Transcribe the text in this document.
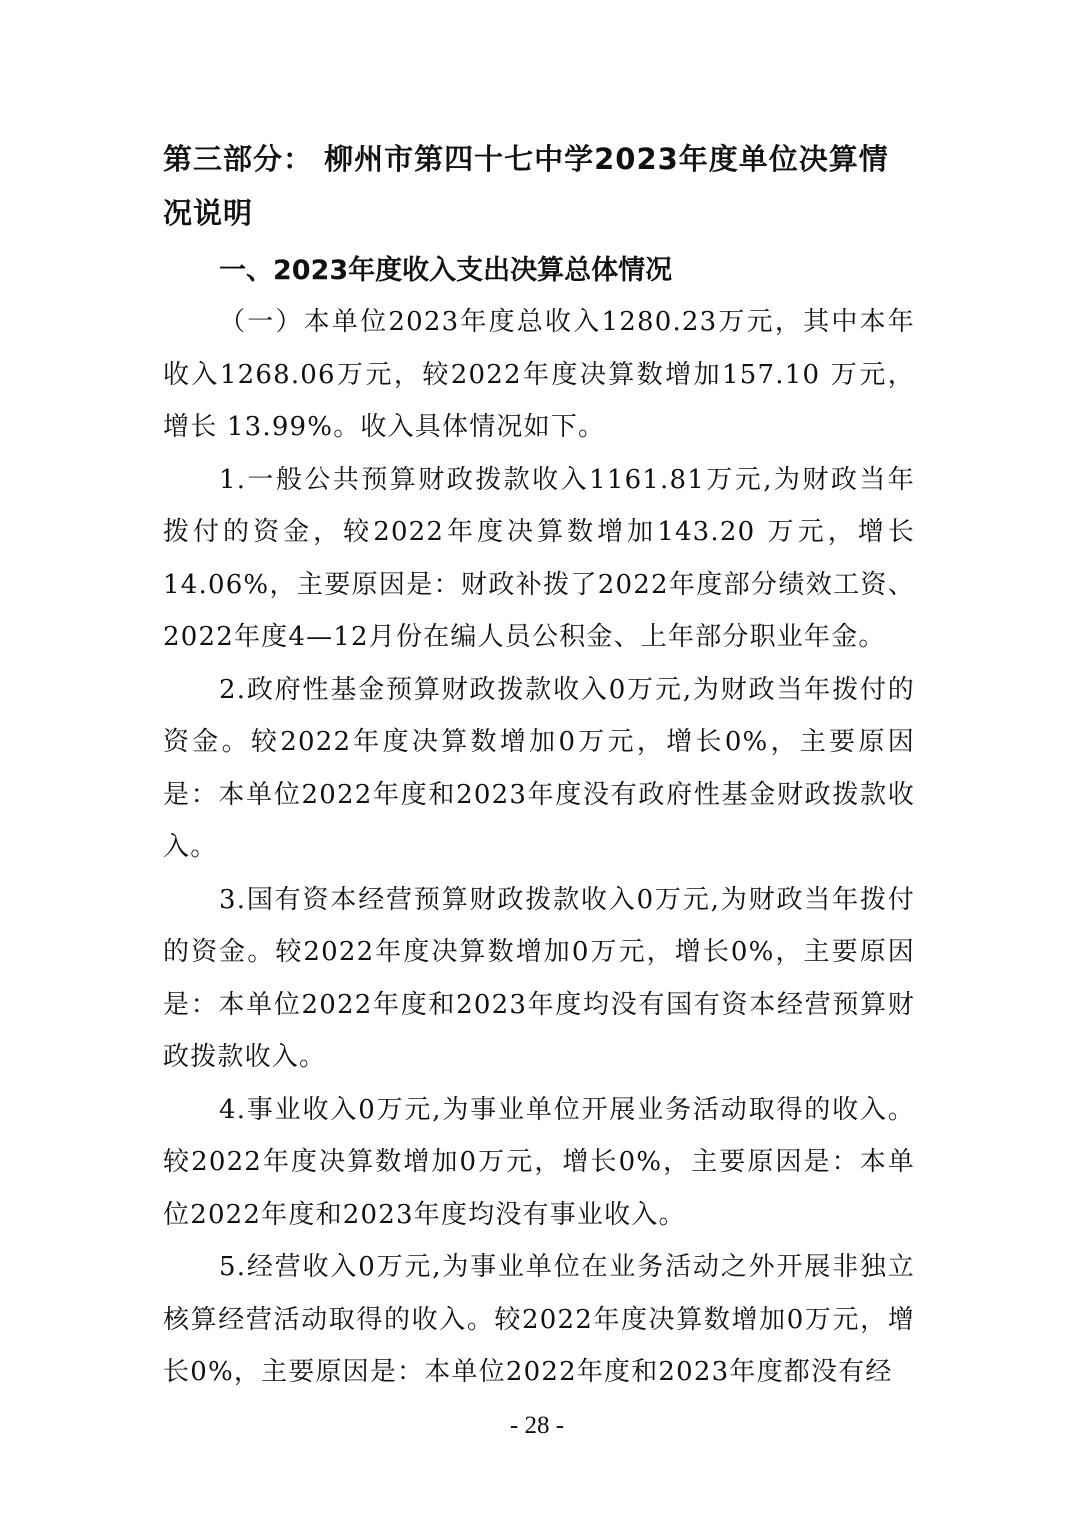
第三部分： 柳州市第四十七中学2023年度单位决算情况说明
一、2023年度收入支出决算总体情况

（一）本单位2023年度总收入1280.23万元，其中本年收入1268.06万元，较2022年度决算数增加157.10 万元，增长 13.99%。收入具体情况如下。

1.一般公共预算财政拨款收入1161.81万元,为财政当年拨付的资金，较2022年度决算数增加143.20 万元，增长14.06%，主要原因是：财政补拨了2022年度部分绩效工资、2022年度4—12月份在编人员公积金、上年部分职业年金。

2.政府性基金预算财政拨款收入0万元,为财政当年拨付的资金。较2022年度决算数增加0万元，增长0%，主要原因是：本单位2022年度和2023年度没有政府性基金财政拨款收入。

3.国有资本经营预算财政拨款收入0万元,为财政当年拨付的资金。较2022年度决算数增加0万元，增长0%，主要原因是：本单位2022年度和2023年度均没有国有资本经营预算财政拨款收入。

4.事业收入0万元,为事业单位开展业务活动取得的收入。较2022年度决算数增加0万元，增长0%，主要原因是：本单位2022年度和2023年度均没有事业收入。

5.经营收入0万元,为事业单位在业务活动之外开展非独立核算经营活动取得的收入。较2022年度决算数增加0万元，增长0%，主要原因是：本单位2022年度和2023年度都没有经

- 28 -
